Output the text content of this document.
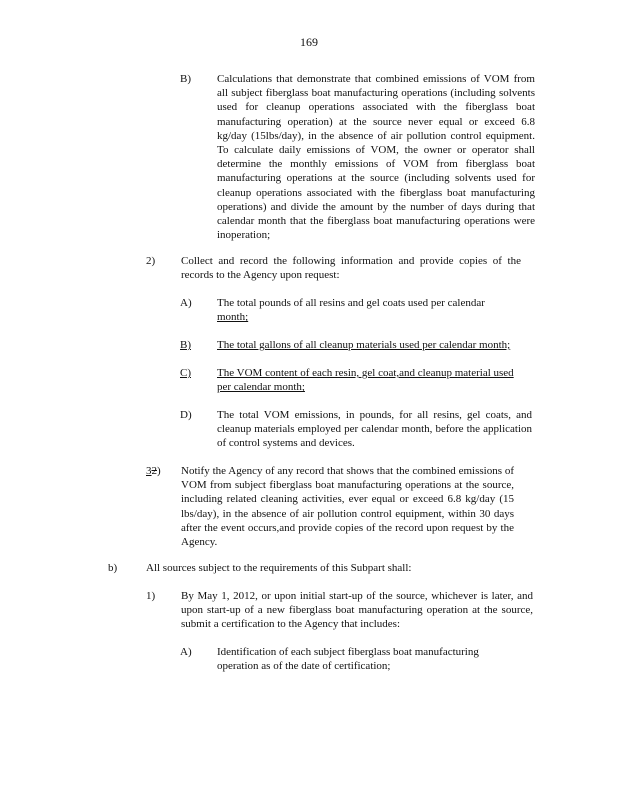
169
B) Calculations that demonstrate that combined emissions of VOM from all subject fiberglass boat manufacturing operations (including solvents used for cleanup operations associated with the fiberglass boat manufacturing operation) at the source never equal or exceed 6.8 kg/day (15lbs/day), in the absence of air pollution control equipment. To calculate daily emissions of VOM, the owner or operator shall determine the monthly emissions of VOM from fiberglass boat manufacturing operations at the source (including solvents used for cleanup operations associated with the fiberglass boat manufacturing operations) and divide the amount by the number of days during that calendar month that the fiberglass boat manufacturing operations were inoperation;
2) Collect and record the following information and provide copies of the records to the Agency upon request:
A) The total pounds of all resins and gel coats used per calendar month;
B) The total gallons of all cleanup materials used per calendar month;
C) The VOM content of each resin, gel coat,and cleanup material used per calendar month;
D) The total VOM emissions, in pounds, for all resins, gel coats, and cleanup materials employed per calendar month, before the application of control systems and devices.
32) Notify the Agency of any record that shows that the combined emissions of VOM from subject fiberglass boat manufacturing operations at the source, including related cleaning activities, ever equal or exceed 6.8 kg/day (15 lbs/day), in the absence of air pollution control equipment, within 30 days after the event occurs,and provide copies of the record upon request by the Agency.
b)	All sources subject to the requirements of this Subpart shall:
1) By May 1, 2012, or upon initial start-up of the source, whichever is later, and upon start-up of a new fiberglass boat manufacturing operation at the source, submit a certification to the Agency that includes:
A) Identification of each subject fiberglass boat manufacturing operation as of the date of certification;
